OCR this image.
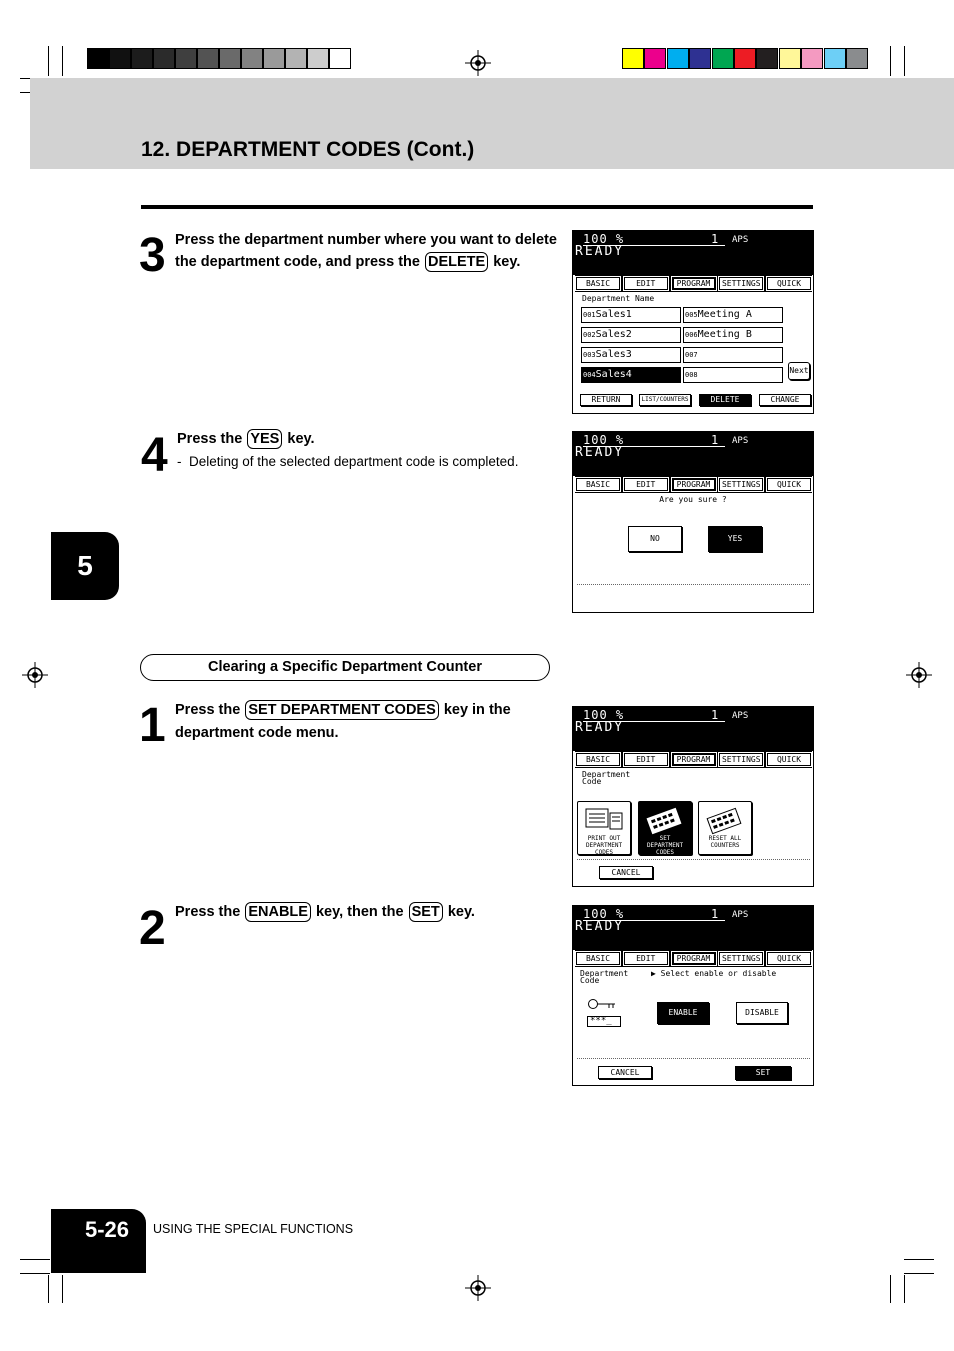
12. DEPARTMENT CODES (Cont.)
5
3 Press the department number where you want to delete the department code, and press the DELETE key.
4 Press the YES key.
-  Deleting of the selected department code is completed.
Clearing a Specific Department Counter
1 Press the SET DEPARTMENT CODES key in the department code menu.
2 Press the ENABLE key, then the SET key.
100 %	1 APS
READY
BASIC	EDIT	PROGRAM	SETTINGS	QUICK
Department Name
001Sales1
002Sales2
003Sales3
004Sales4
005Meeting A
006Meeting B
007
008	Next
RETURN	LIST/COUNTERS	DELETE	CHANGE
100 %	1 APS
READY
BASIC	EDIT	PROGRAM	SETTINGS	QUICK
Are you sure ?
NO	YES
100 %	1 APS
READY
BASIC	EDIT	PROGRAM	SETTINGS	QUICK
Department Code
PRINT OUT DEPARTMENT CODES
SET DEPARTMENT CODES
RESET ALL COUNTERS
CANCEL
100 %	1 APS
READY
BASIC	EDIT	PROGRAM	SETTINGS	QUICK
Department Code
▶ Select enable or disable
***_
ENABLE	DISABLE
CANCEL	SET
5-26	USING THE SPECIAL FUNCTIONS
